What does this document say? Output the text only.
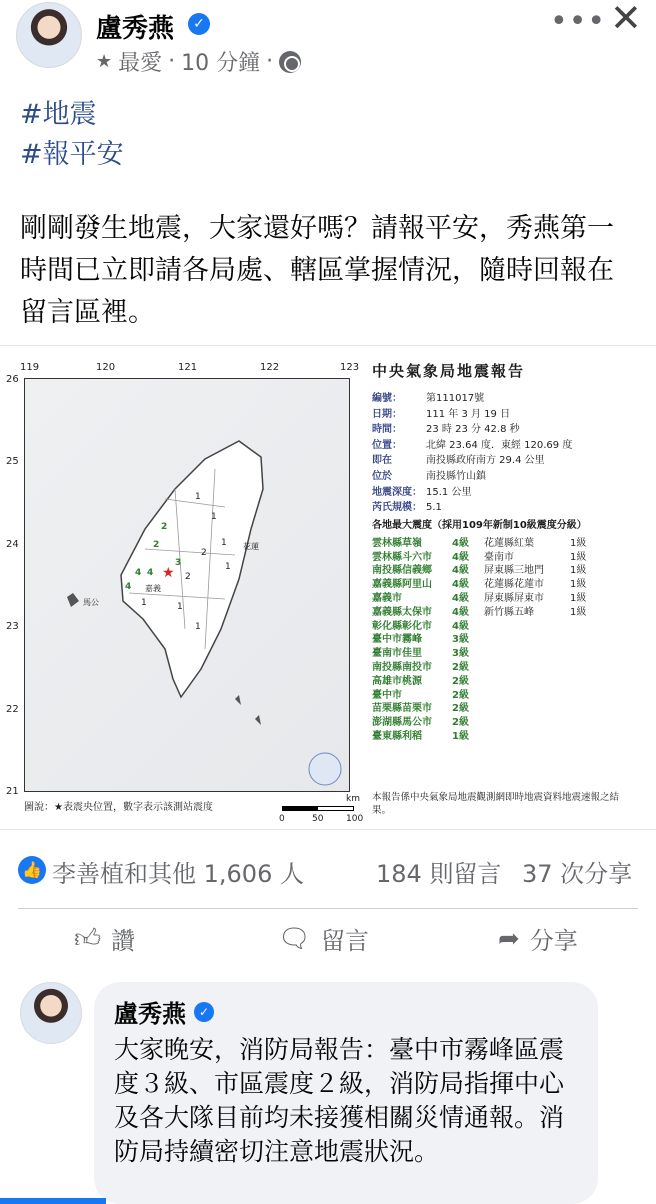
盧秀燕	✓
★ 最愛 · 10 分鐘 ·
••• ✕
#地震
#報平安
剛剛發生地震，大家還好嗎？請報平安，秀燕第一時間已立即請各局處、轄區掌握情況，隨時回報在留言區裡。
119	120	121	122	123
26
25
24
23
22
21
★
4 4
4
2
2
3
1
1
1
2
2
1
1
1
1
馬公
花蓮
嘉義
圖說：★表震央位置，數字表示該測站震度
km
0	50	100
中央氣象局地震報告
編號： 第111017號
日期： 111 年 3 月 19 日
時間： 23 時 23 分 42.8 秒
位置： 北緯 23.64 度．東經 120.69 度
即在	南投縣政府南方 29.4 公里
位於	南投縣竹山鎮
地震深度： 15.1 公里
芮氏規模： 5.1
各地最大震度（採用109年新制10級震度分級）
雲林縣草嶺	4級
雲林縣斗六市 4級
南投縣信義鄉 4級
嘉義縣阿里山 4級
嘉義市	4級
嘉義縣太保市 4級
彰化縣彰化市 4級
臺中市霧峰	3級
臺南市佳里	3級
南投縣南投市 2級
高雄市桃源	2級
臺中市	2級
苗栗縣苗栗市 2級
澎湖縣馬公市 2級
臺東縣利稻	1級
花蓮縣紅葉	1級
臺南市	1級
屏東縣三地門	1級
花蓮縣花蓮市	1級
屏東縣屏東市	1級
新竹縣五峰	1級
本報告係中央氣象局地震觀測網即時地震資料地震速報之結果。
👍 李善植和其他 1,606 人	184 則留言 37 次分享
👍︎ 讚	🗨︎ 留言	➦ 分享
盧秀燕	✓
大家晚安，消防局報告：臺中市霧峰區震度３級、市區震度２級，消防局指揮中心及各大隊目前均未接獲相關災情通報。消防局持續密切注意地震狀況。
